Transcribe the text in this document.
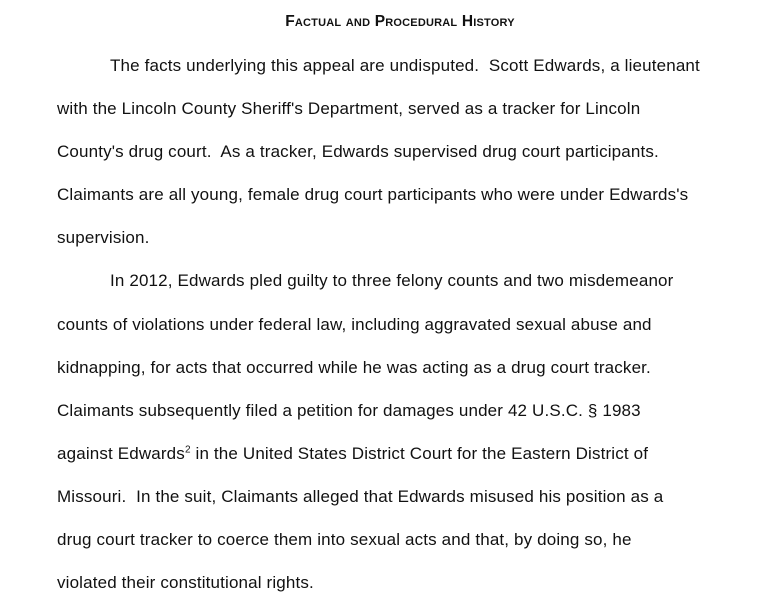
Factual and Procedural History
The facts underlying this appeal are undisputed.  Scott Edwards, a lieutenant
with the Lincoln County Sheriff's Department, served as a tracker for Lincoln
County's drug court.  As a tracker, Edwards supervised drug court participants.
Claimants are all young, female drug court participants who were under Edwards's
supervision.
In 2012, Edwards pled guilty to three felony counts and two misdemeanor
counts of violations under federal law, including aggravated sexual abuse and
kidnapping, for acts that occurred while he was acting as a drug court tracker.
Claimants subsequently filed a petition for damages under 42 U.S.C. § 1983
against Edwards$^2$ in the United States District Court for the Eastern District of
Missouri.  In the suit, Claimants alleged that Edwards misused his position as a
drug court tracker to coerce them into sexual acts and that, by doing so, he
violated their constitutional rights.
